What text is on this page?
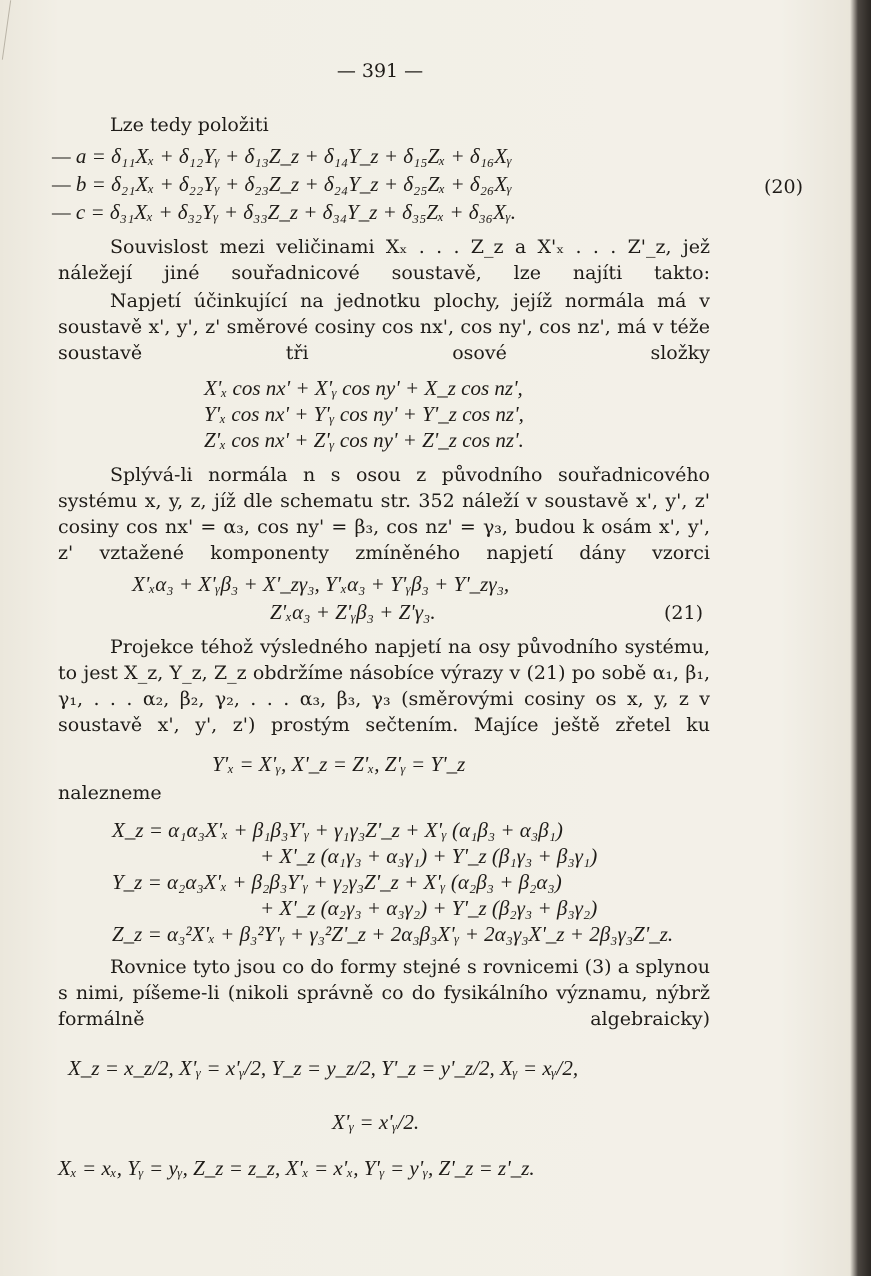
— 391 —
Lze tedy položiti
— a = δ₁₁Xₓ + δ₁₂Yᵧ + δ₁₃Z_z + δ₁₄Y_z + δ₁₅Zₓ + δ₁₆Xᵧ
— b = δ₂₁Xₓ + δ₂₂Yᵧ + δ₂₃Z_z + δ₂₄Y_z + δ₂₅Zₓ + δ₂₆Xᵧ
— c = δ₃₁Xₓ + δ₃₂Yᵧ + δ₃₃Z_z + δ₃₄Y_z + δ₃₅Zₓ + δ₃₆Xᵧ.
(20)
Souvislost mezi veličinami Xₓ . . . Z_z a X'ₓ . . . Z'_z, jež náležejí jiné souřadnicové soustavě, lze najíti takto:
Napjetí účinkující na jednotku plochy, jejíž normála má v soustavě x', y', z' směrové cosiny cos nx', cos ny', cos nz', má v téže soustavě tři osové složky
X'ₓ cos nx' + X'ᵧ cos ny' + X_z cos nz',
Y'ₓ cos nx' + Y'ᵧ cos ny' + Y'_z cos nz',
Z'ₓ cos nx' + Z'ᵧ cos ny' + Z'_z cos nz'.
Splývá-li normála n s osou z původního souřadnicového systému x, y, z, jíž dle schematu str. 352 náleží v soustavě x', y', z' cosiny cos nx' = α₃, cos ny' = β₃, cos nz' = γ₃, budou k osám x', y', z' vztažené komponenty zmíněného napjetí dány vzorci
X'ₓα₃ + X'ᵧβ₃ + X'_zγ₃, Y'ₓα₃ + Y'ᵧβ₃ + Y'_zγ₃,
Z'ₓα₃ + Z'ᵧβ₃ + Z'γ₃.	(21)
Projekce téhož výsledného napjetí na osy původního systému, to jest X_z, Y_z, Z_z obdržíme násobíce výrazy v (21) po sobě α₁, β₁, γ₁, . . . α₂, β₂, γ₂, . . . α₃, β₃, γ₃ (směrovými cosiny os x, y, z v soustavě x', y', z') prostým sečtením. Majíce ještě zřetel ku
Y'ₓ = X'ᵧ, X'_z = Z'ₓ, Z'ᵧ = Y'_z
nalezneme
X_z = α₁α₃X'ₓ + β₁β₃Y'ᵧ + γ₁γ₃Z'_z + X'ᵧ (α₁β₃ + α₃β₁)
+ X'_z (α₁γ₃ + α₃γ₁) + Y'_z (β₁γ₃ + β₃γ₁)
Y_z = α₂α₃X'ₓ + β₂β₃Y'ᵧ + γ₂γ₃Z'_z + X'ᵧ (α₂β₃ + β₂α₃)
+ X'_z (α₂γ₃ + α₃γ₂) + Y'_z (β₂γ₃ + β₃γ₂)
Z_z = α₃²X'ₓ + β₃²Y'ᵧ + γ₃²Z'_z + 2α₃β₃X'ᵧ + 2α₃γ₃X'_z + 2β₃γ₃Z'_z.
Rovnice tyto jsou co do formy stejné s rovnicemi (3) a splynou s nimi, píšeme-li (nikoli správně co do fysikálního významu, nýbrž formálně algebraicky)
X_z = x_z/2, X'ᵧ = x'ᵧ/2, Y_z = y_z/2, Y'_z = y'_z/2, Xᵧ = xᵧ/2,
X'ᵧ = x'ᵧ/2.
Xₓ = xₓ, Yᵧ = yᵧ, Z_z = z_z, X'ₓ = x'ₓ, Y'ᵧ = y'ᵧ, Z'_z = z'_z.
